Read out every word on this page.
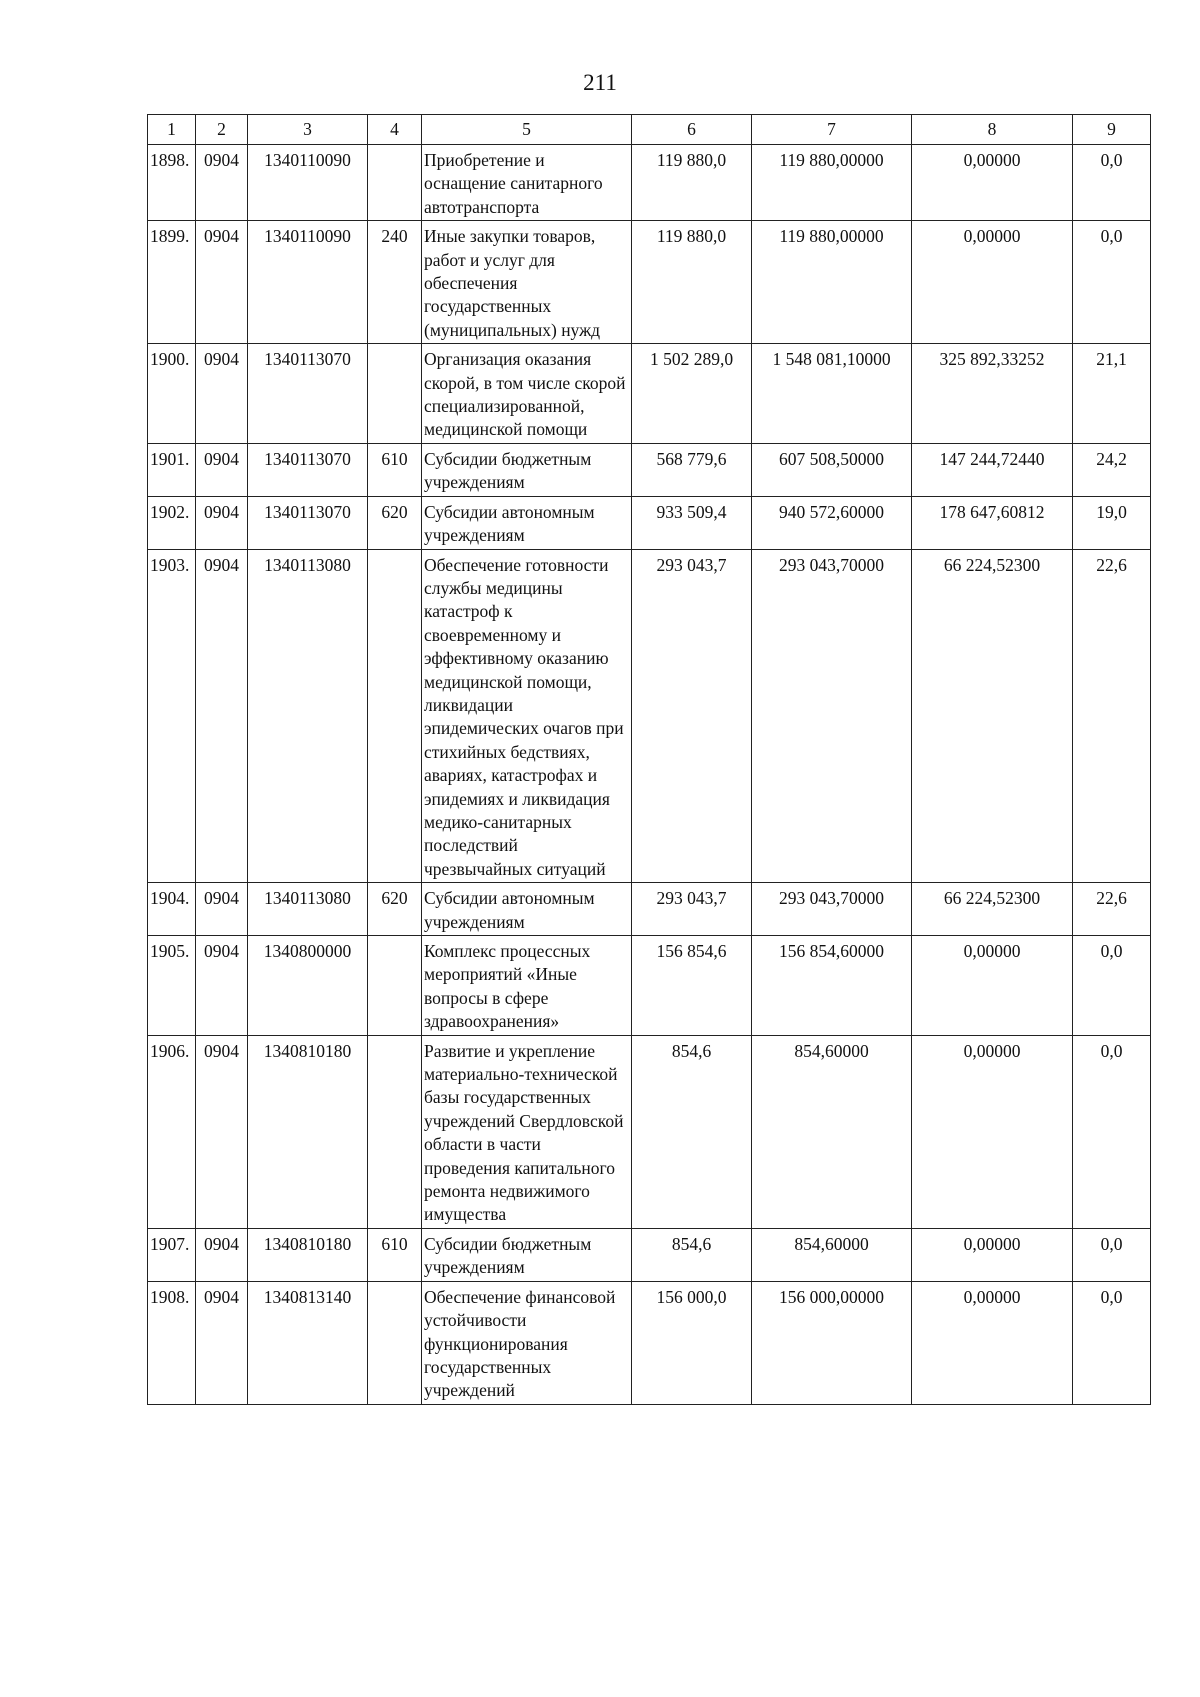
211
1	2	3	4	5	6	7	8	9
1898.	0904	1340110090		Приобретение и оснащение санитарного автотранспорта	119 880,0	119 880,00000	0,00000	0,0
1899.	0904	1340110090	240	Иные закупки товаров, работ и услуг для обеспечения государственных (муниципальных) нужд	119 880,0	119 880,00000	0,00000	0,0
1900.	0904	1340113070		Организация оказания скорой, в том числе скорой специализированной, медицинской помощи	1 502 289,0	1 548 081,10000	325 892,33252	21,1
1901.	0904	1340113070	610	Субсидии бюджетным учреждениям	568 779,6	607 508,50000	147 244,72440	24,2
1902.	0904	1340113070	620	Субсидии автономным учреждениям	933 509,4	940 572,60000	178 647,60812	19,0
1903.	0904	1340113080		Обеспечение готовности службы медицины катастроф к своевременному и эффективному оказанию медицинской помощи, ликвидации эпидемических очагов при стихийных бедствиях, авариях, катастрофах и эпидемиях и ликвидация медико-санитарных последствий чрезвычайных ситуаций	293 043,7	293 043,70000	66 224,52300	22,6
1904.	0904	1340113080	620	Субсидии автономным учреждениям	293 043,7	293 043,70000	66 224,52300	22,6
1905.	0904	1340800000		Комплекс процессных мероприятий «Иные вопросы в сфере здравоохранения»	156 854,6	156 854,60000	0,00000	0,0
1906.	0904	1340810180		Развитие и укрепление материально-технической базы государственных учреждений Свердловской области в части проведения капитального ремонта недвижимого имущества	854,6	854,60000	0,00000	0,0
1907.	0904	1340810180	610	Субсидии бюджетным учреждениям	854,6	854,60000	0,00000	0,0
1908.	0904	1340813140		Обеспечение финансовой устойчивости функционирования государственных учреждений	156 000,0	156 000,00000	0,00000	0,0
